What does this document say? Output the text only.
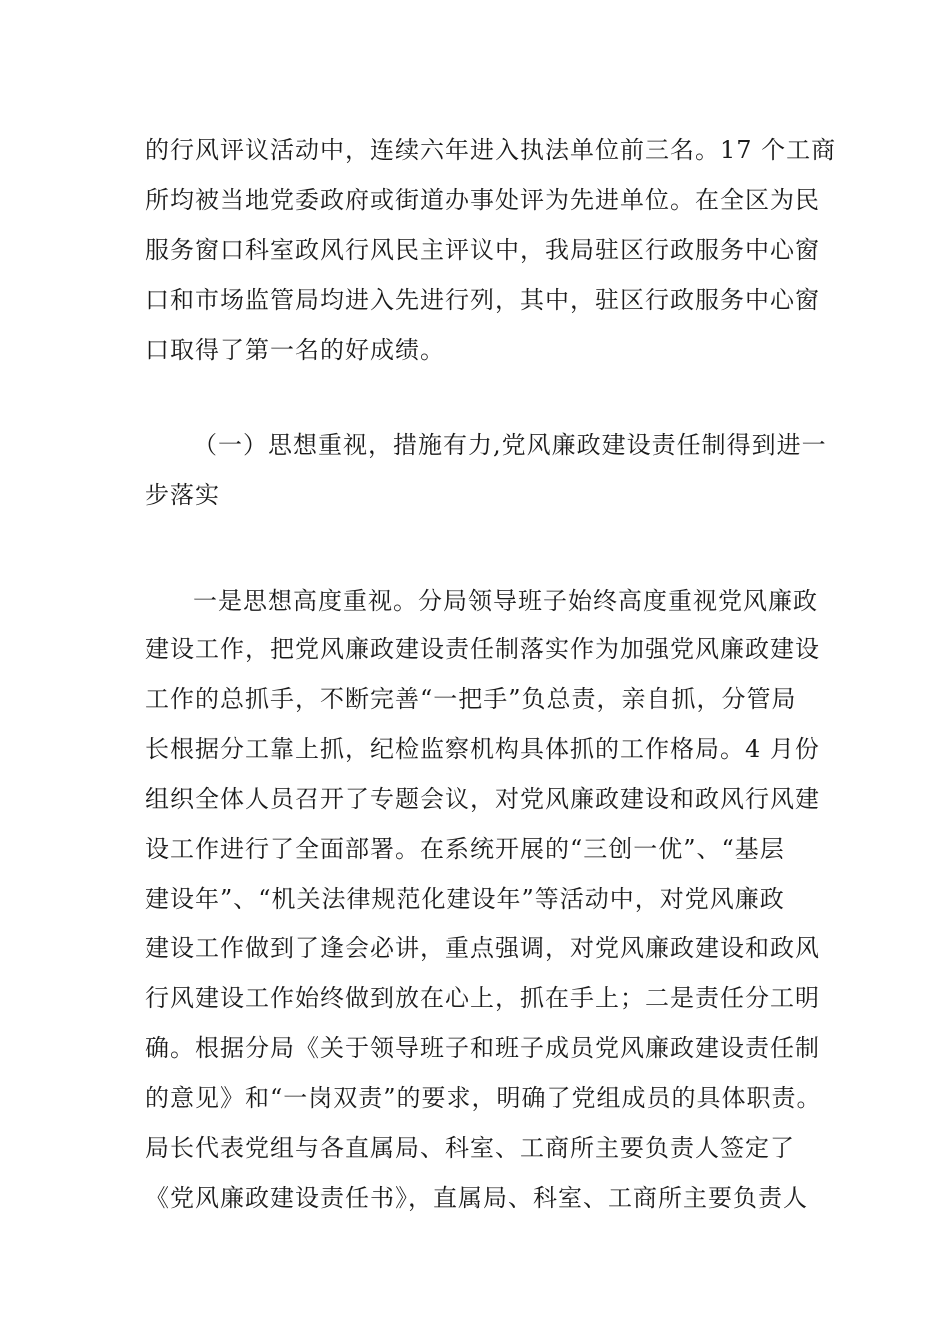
的行风评议活动中，连续六年进入执法单位前三名。17 个工商
所均被当地党委政府或街道办事处评为先进单位。在全区为民
服务窗口科室政风行风民主评议中，我局驻区行政服务中心窗
口和市场监管局均进入先进行列，其中，驻区行政服务中心窗
口取得了第一名的好成绩。
（一）思想重视，措施有力,党风廉政建设责任制得到进一
步落实
一是思想高度重视。分局领导班子始终高度重视党风廉政
建设工作，把党风廉政建设责任制落实作为加强党风廉政建设
工作的总抓手，不断完善“一把手”负总责，亲自抓，分管局
长根据分工靠上抓，纪检监察机构具体抓的工作格局。4 月份
组织全体人员召开了专题会议，对党风廉政建设和政风行风建
设工作进行了全面部署。在系统开展的“三创一优”、“基层
建设年”、“机关法律规范化建设年”等活动中，对党风廉政
建设工作做到了逢会必讲，重点强调，对党风廉政建设和政风
行风建设工作始终做到放在心上，抓在手上；二是责任分工明
确。根据分局《关于领导班子和班子成员党风廉政建设责任制
的意见》和“一岗双责”的要求，明确了党组成员的具体职责。
局长代表党组与各直属局、科室、工商所主要负责人签定了
《党风廉政建设责任书》，直属局、科室、工商所主要负责人
